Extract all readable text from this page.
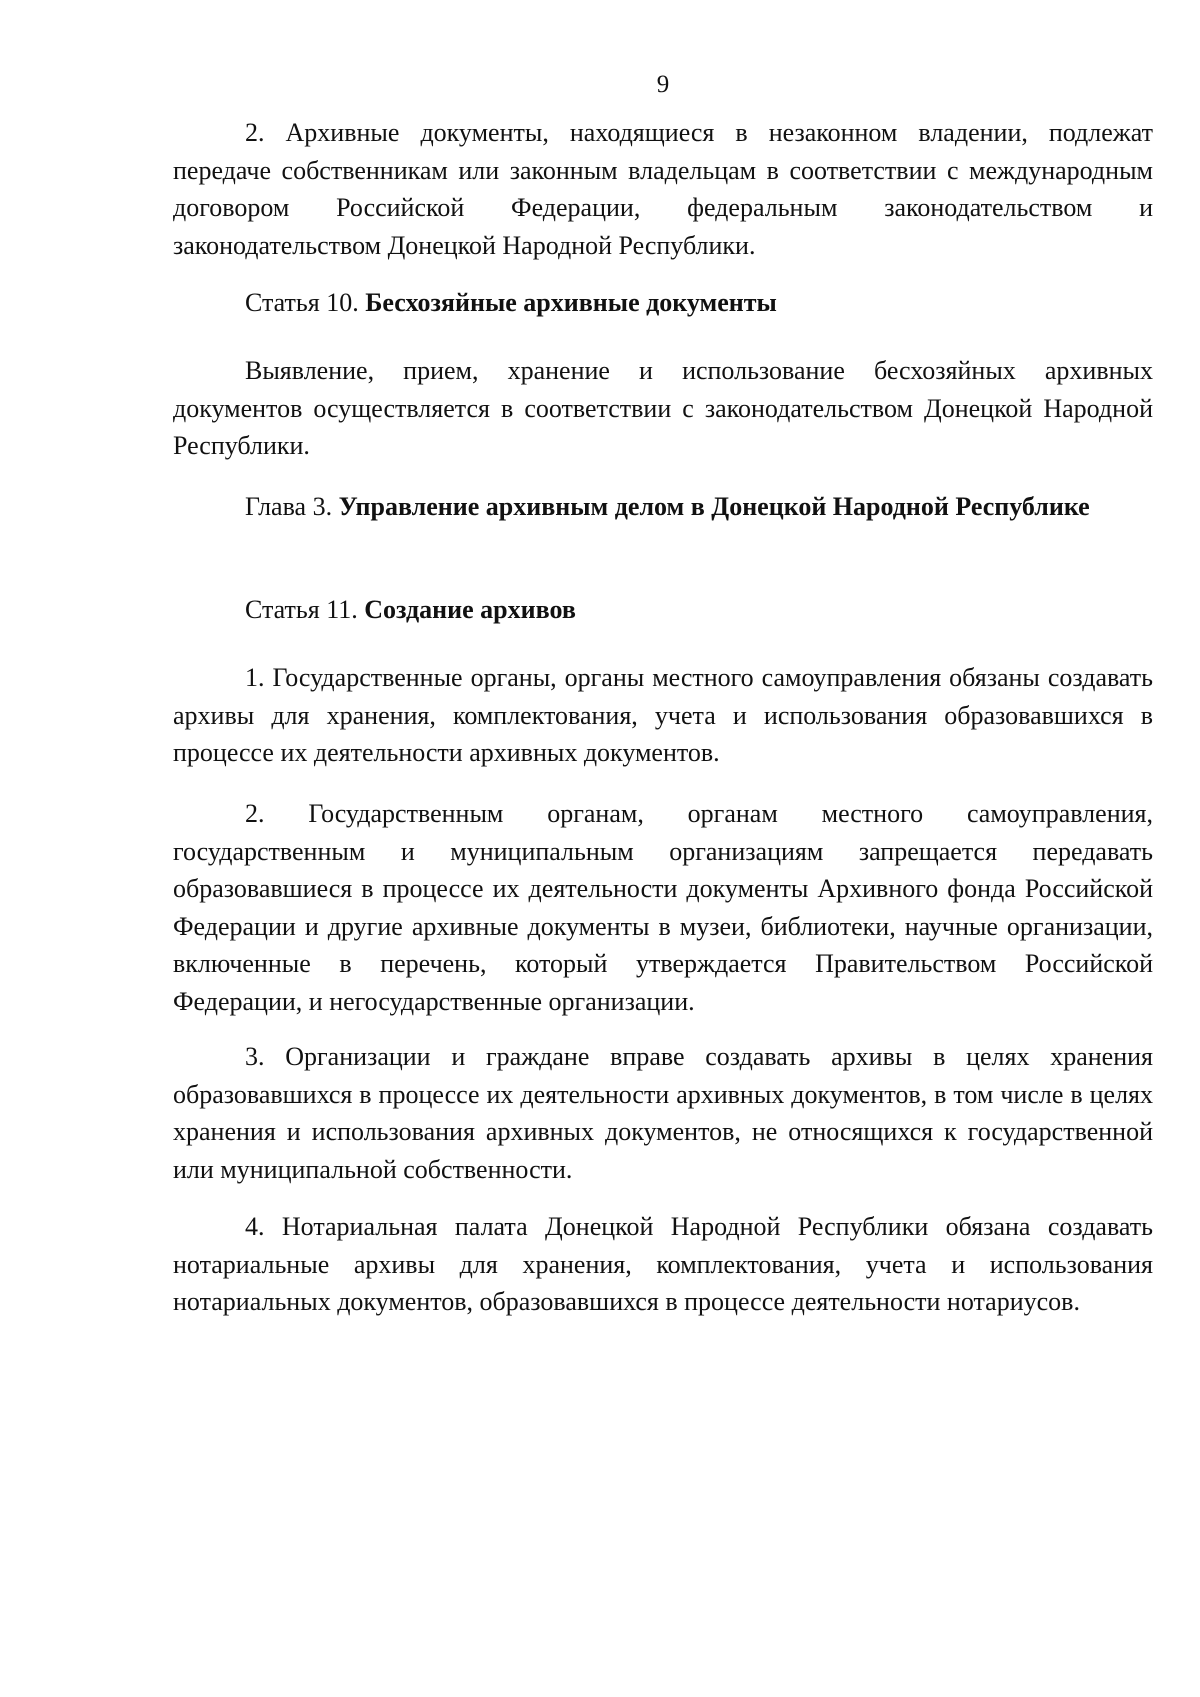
9

2. Архивные документы, находящиеся в незаконном владении, подлежат передаче собственникам или законным владельцам в соответствии с международным договором Российской Федерации, федеральным законодательством и законодательством Донецкой Народной Республики.

Статья 10. Бесхозяйные архивные документы

Выявление, прием, хранение и использование бесхозяйных архивных документов осуществляется в соответствии с законодательством Донецкой Народной Республики.

Глава 3. Управление архивным делом в Донецкой Народной Республике

Статья 11. Создание архивов

1. Государственные органы, органы местного самоуправления обязаны создавать архивы для хранения, комплектования, учета и использования образовавшихся в процессе их деятельности архивных документов.

2. Государственным органам, органам местного самоуправления, государственным и муниципальным организациям запрещается передавать образовавшиеся в процессе их деятельности документы Архивного фонда Российской Федерации и другие архивные документы в музеи, библиотеки, научные организации, включенные в перечень, который утверждается Правительством Российской Федерации, и негосударственные организации.

3. Организации и граждане вправе создавать архивы в целях хранения образовавшихся в процессе их деятельности архивных документов, в том числе в целях хранения и использования архивных документов, не относящихся к государственной или муниципальной собственности.

4. Нотариальная палата Донецкой Народной Республики обязана создавать нотариальные архивы для хранения, комплектования, учета и использования нотариальных документов, образовавшихся в процессе деятельности нотариусов.
